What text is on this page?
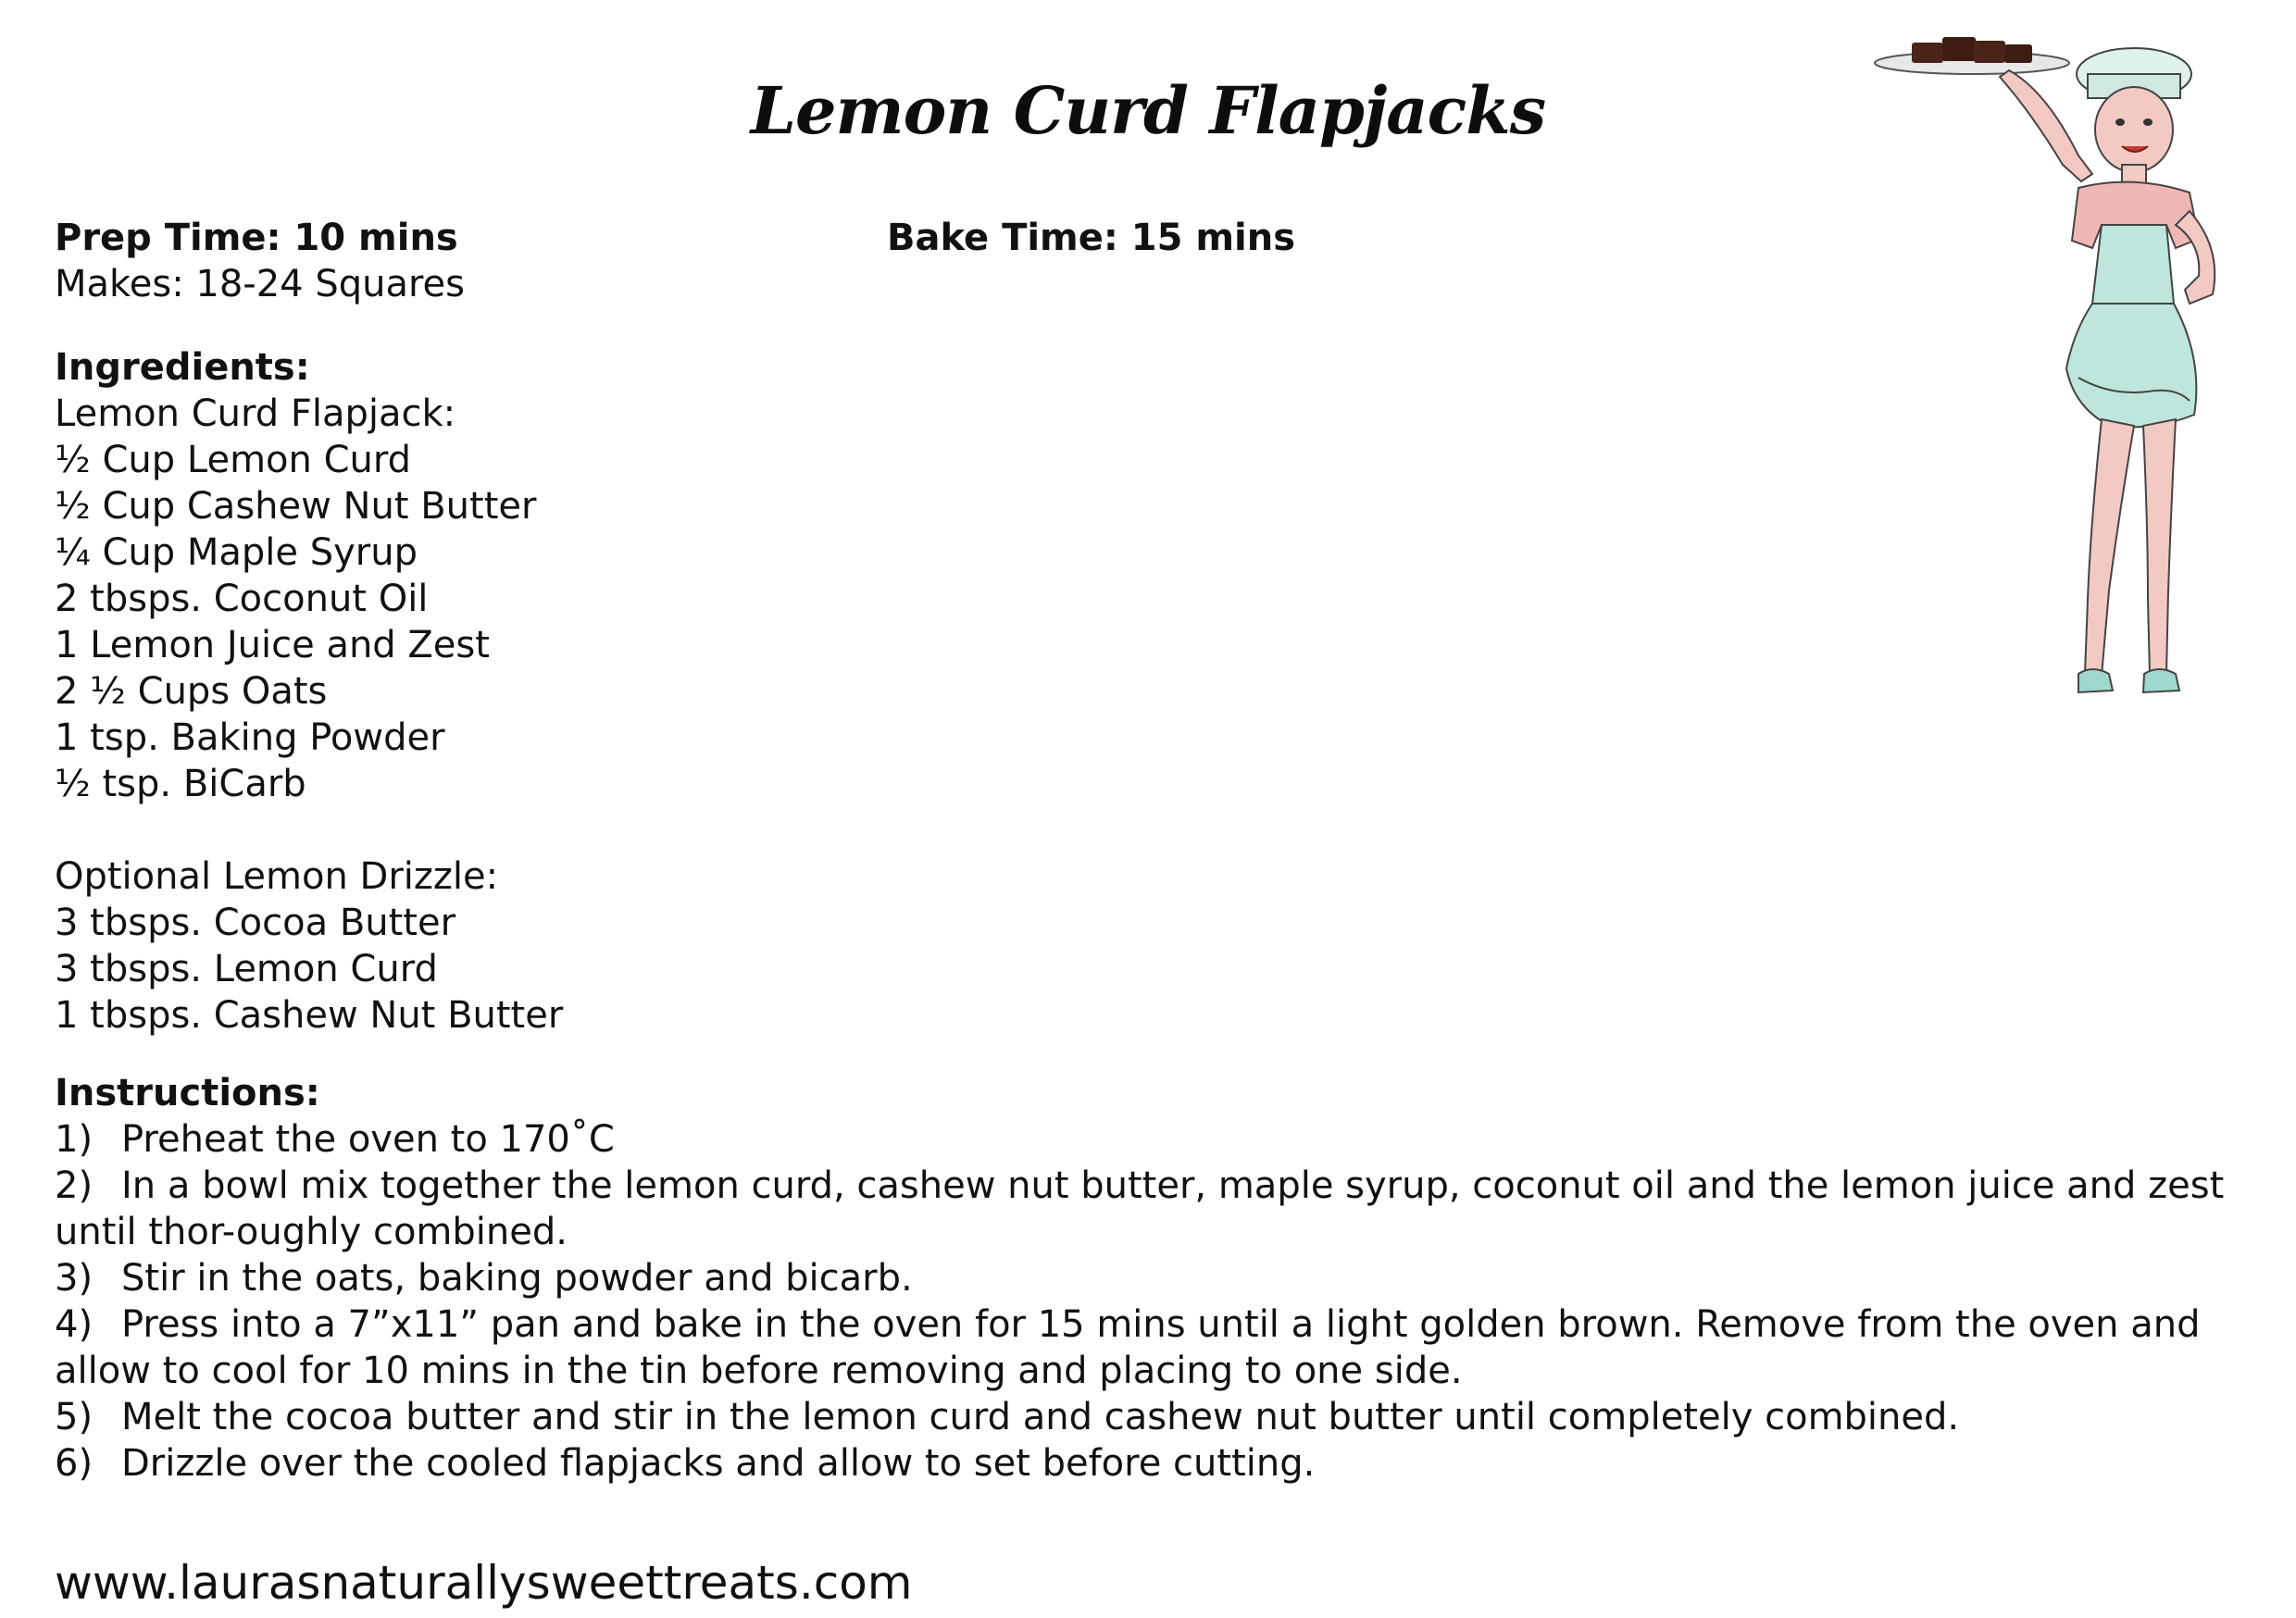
Lemon Curd Flapjacks
Prep Time: 10 mins	Bake Time: 15 mins
Makes: 18-24 Squares
Ingredients:
Lemon Curd Flapjack:
½ Cup Lemon Curd
½ Cup Cashew Nut Butter
¼ Cup Maple Syrup
2 tbsps. Coconut Oil
1 Lemon Juice and Zest
2 ½ Cups Oats
1 tsp. Baking Powder
½ tsp. BiCarb
Optional Lemon Drizzle:
3 tbsps. Cocoa Butter
3 tbsps. Lemon Curd
1 tbsps. Cashew Nut Butter
Instructions:
1) Preheat the oven to 170˚C
2) In a bowl mix together the lemon curd, cashew nut butter, maple syrup, coconut oil and the lemon juice and zest until thor-oughly combined.
3) Stir in the oats, baking powder and bicarb.
4) Press into a 7”x11” pan and bake in the oven for 15 mins until a light golden brown. Remove from the oven and allow to cool for 10 mins in the tin before removing and placing to one side.
5) Melt the cocoa butter and stir in the lemon curd and cashew nut butter until completely combined.
6) Drizzle over the cooled flapjacks and allow to set before cutting.
www.laurasnaturallysweettreats.com
